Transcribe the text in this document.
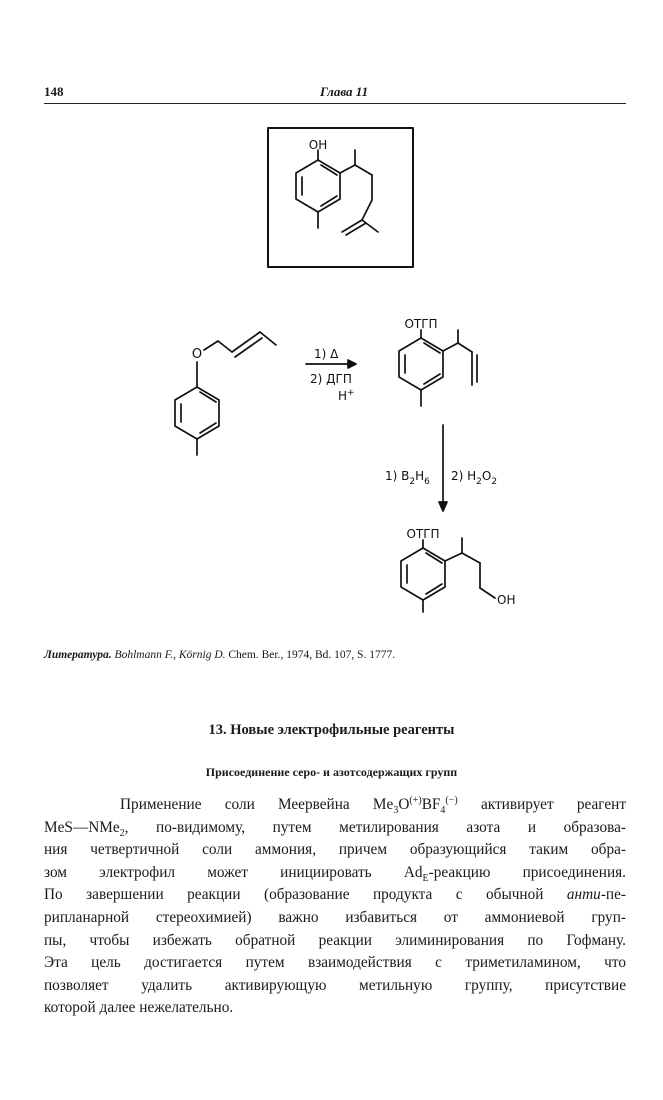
148	Глава 11
OH
O
OТГП
OТГП
OH
1) Δ
2) ДГП
H+
1) $B_2H_6$ 2) $H_2O_2$
Литература. Bohlmann F., Körnig D. Chem. Ber., 1974, Bd. 107, S. 1777.
13. Новые электрофильные реагенты
Присоединение серо- и азотсодержащих групп
Применение соли Меервейна $Me_3O^{(+)}BF_4^{(-)}$ активирует реагент
MeS—NMe$_2$, по-видимому, путем метилирования азота и образова-
ния четвертичной соли аммония, причем образующийся таким обра-
зом электрофил может инициировать $Ad_E$-реакцию присоединения.
По завершении реакции (образование продукта с обычной анти-пе-
рипланарной стереохимией) важно избавиться от аммониевой груп-
пы, чтобы избежать обратной реакции элиминирования по Гофману.
Эта цель достигается путем взаимодействия с триметиламином, что
позволяет удалить активирующую метильную группу, присутствие
которой далее нежелательно.
